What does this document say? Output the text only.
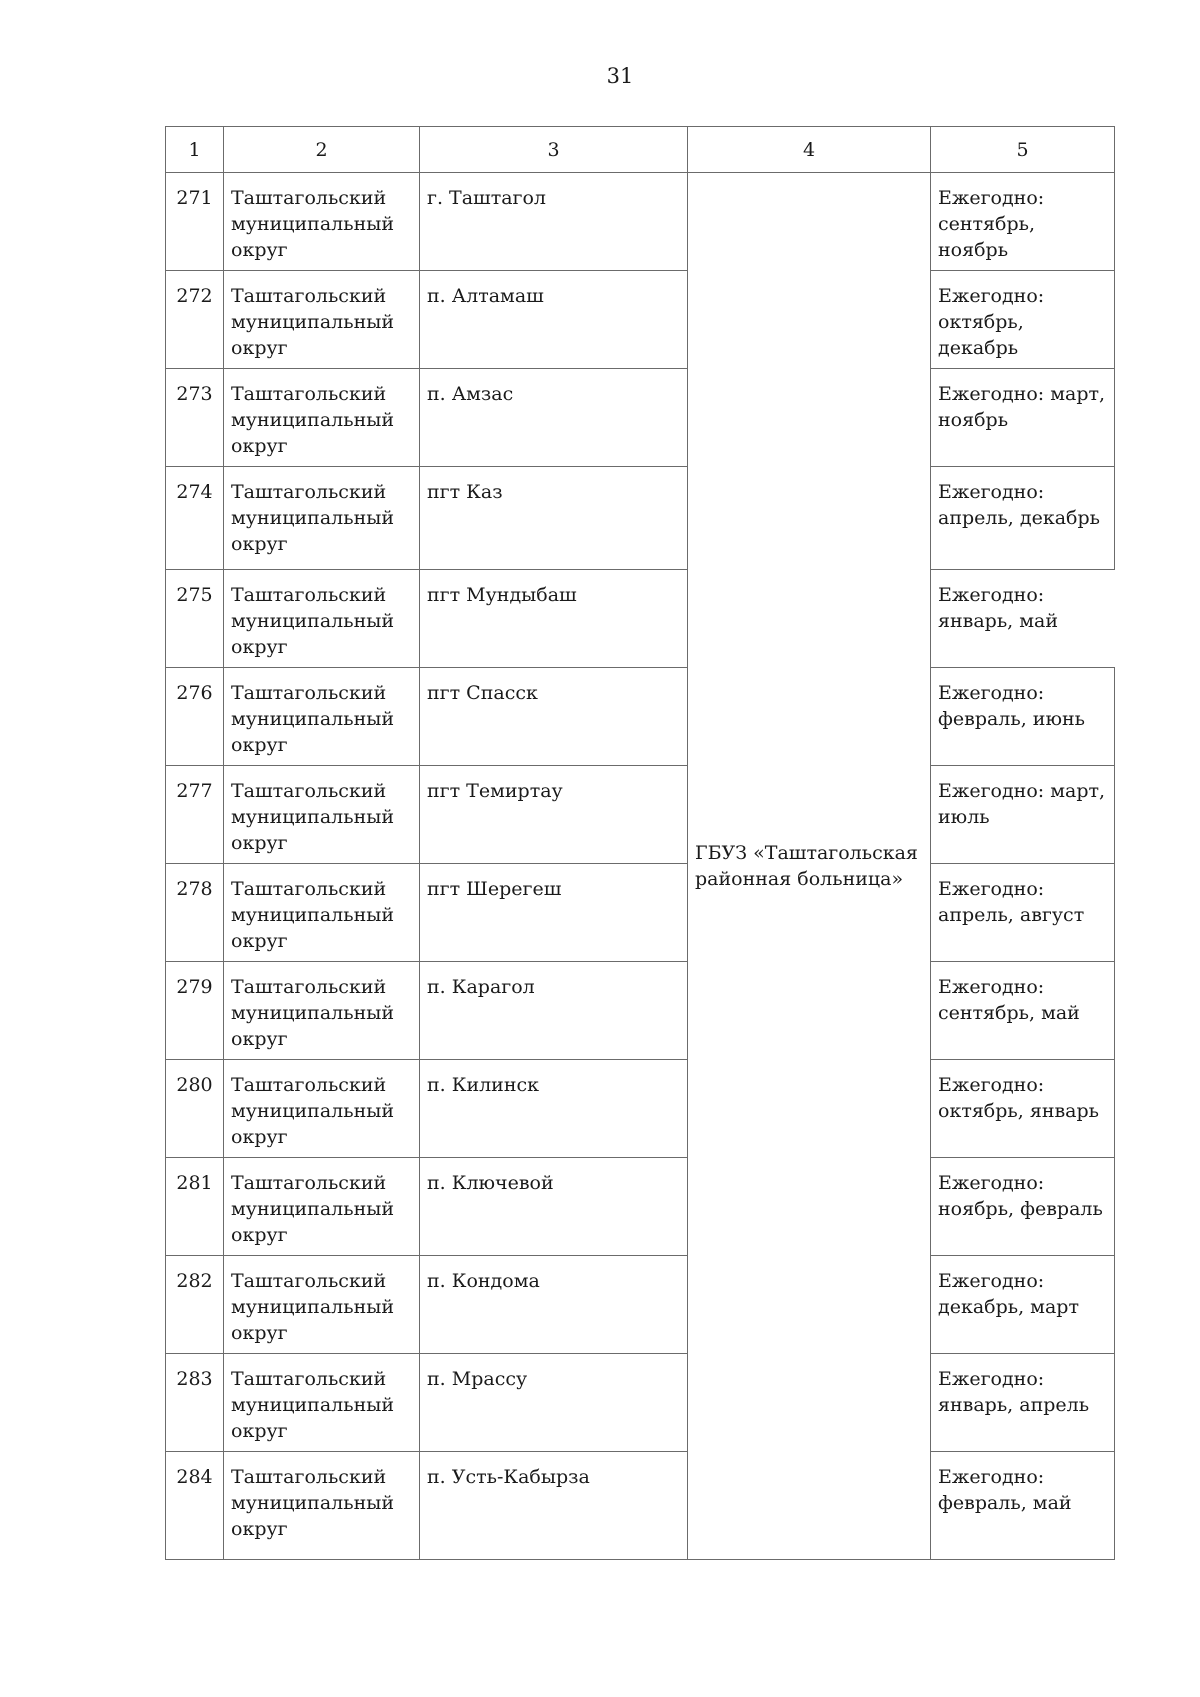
31
1	2	3	4	5
271	Таштагольский муниципальный округ	г. Таштагол	ГБУЗ «Таштагольская районная больница»	Ежегодно: сентябрь, ноябрь
272	Таштагольский муниципальный округ	п. Алтамаш		Ежегодно: октябрь, декабрь
273	Таштагольский муниципальный округ	п. Амзас		Ежегодно: март, ноябрь
274	Таштагольский муниципальный округ	пгт Каз		Ежегодно: апрель, декабрь
275	Таштагольский муниципальный округ	пгт Мундыбаш		Ежегодно: январь, май
276	Таштагольский муниципальный округ	пгт Спасск		Ежегодно: февраль, июнь
277	Таштагольский муниципальный округ	пгт Темиртау		Ежегодно: март, июль
278	Таштагольский муниципальный округ	пгт Шерегеш		Ежегодно: апрель, август
279	Таштагольский муниципальный округ	п. Карагол		Ежегодно: сентябрь, май
280	Таштагольский муниципальный округ	п. Килинск		Ежегодно: октябрь, январь
281	Таштагольский муниципальный округ	п. Ключевой		Ежегодно: ноябрь, февраль
282	Таштагольский муниципальный округ	п. Кондома		Ежегодно: декабрь, март
283	Таштагольский муниципальный округ	п. Мрассу		Ежегодно: январь, апрель
284	Таштагольский муниципальный округ	п. Усть-Кабырза		Ежегодно: февраль, май
